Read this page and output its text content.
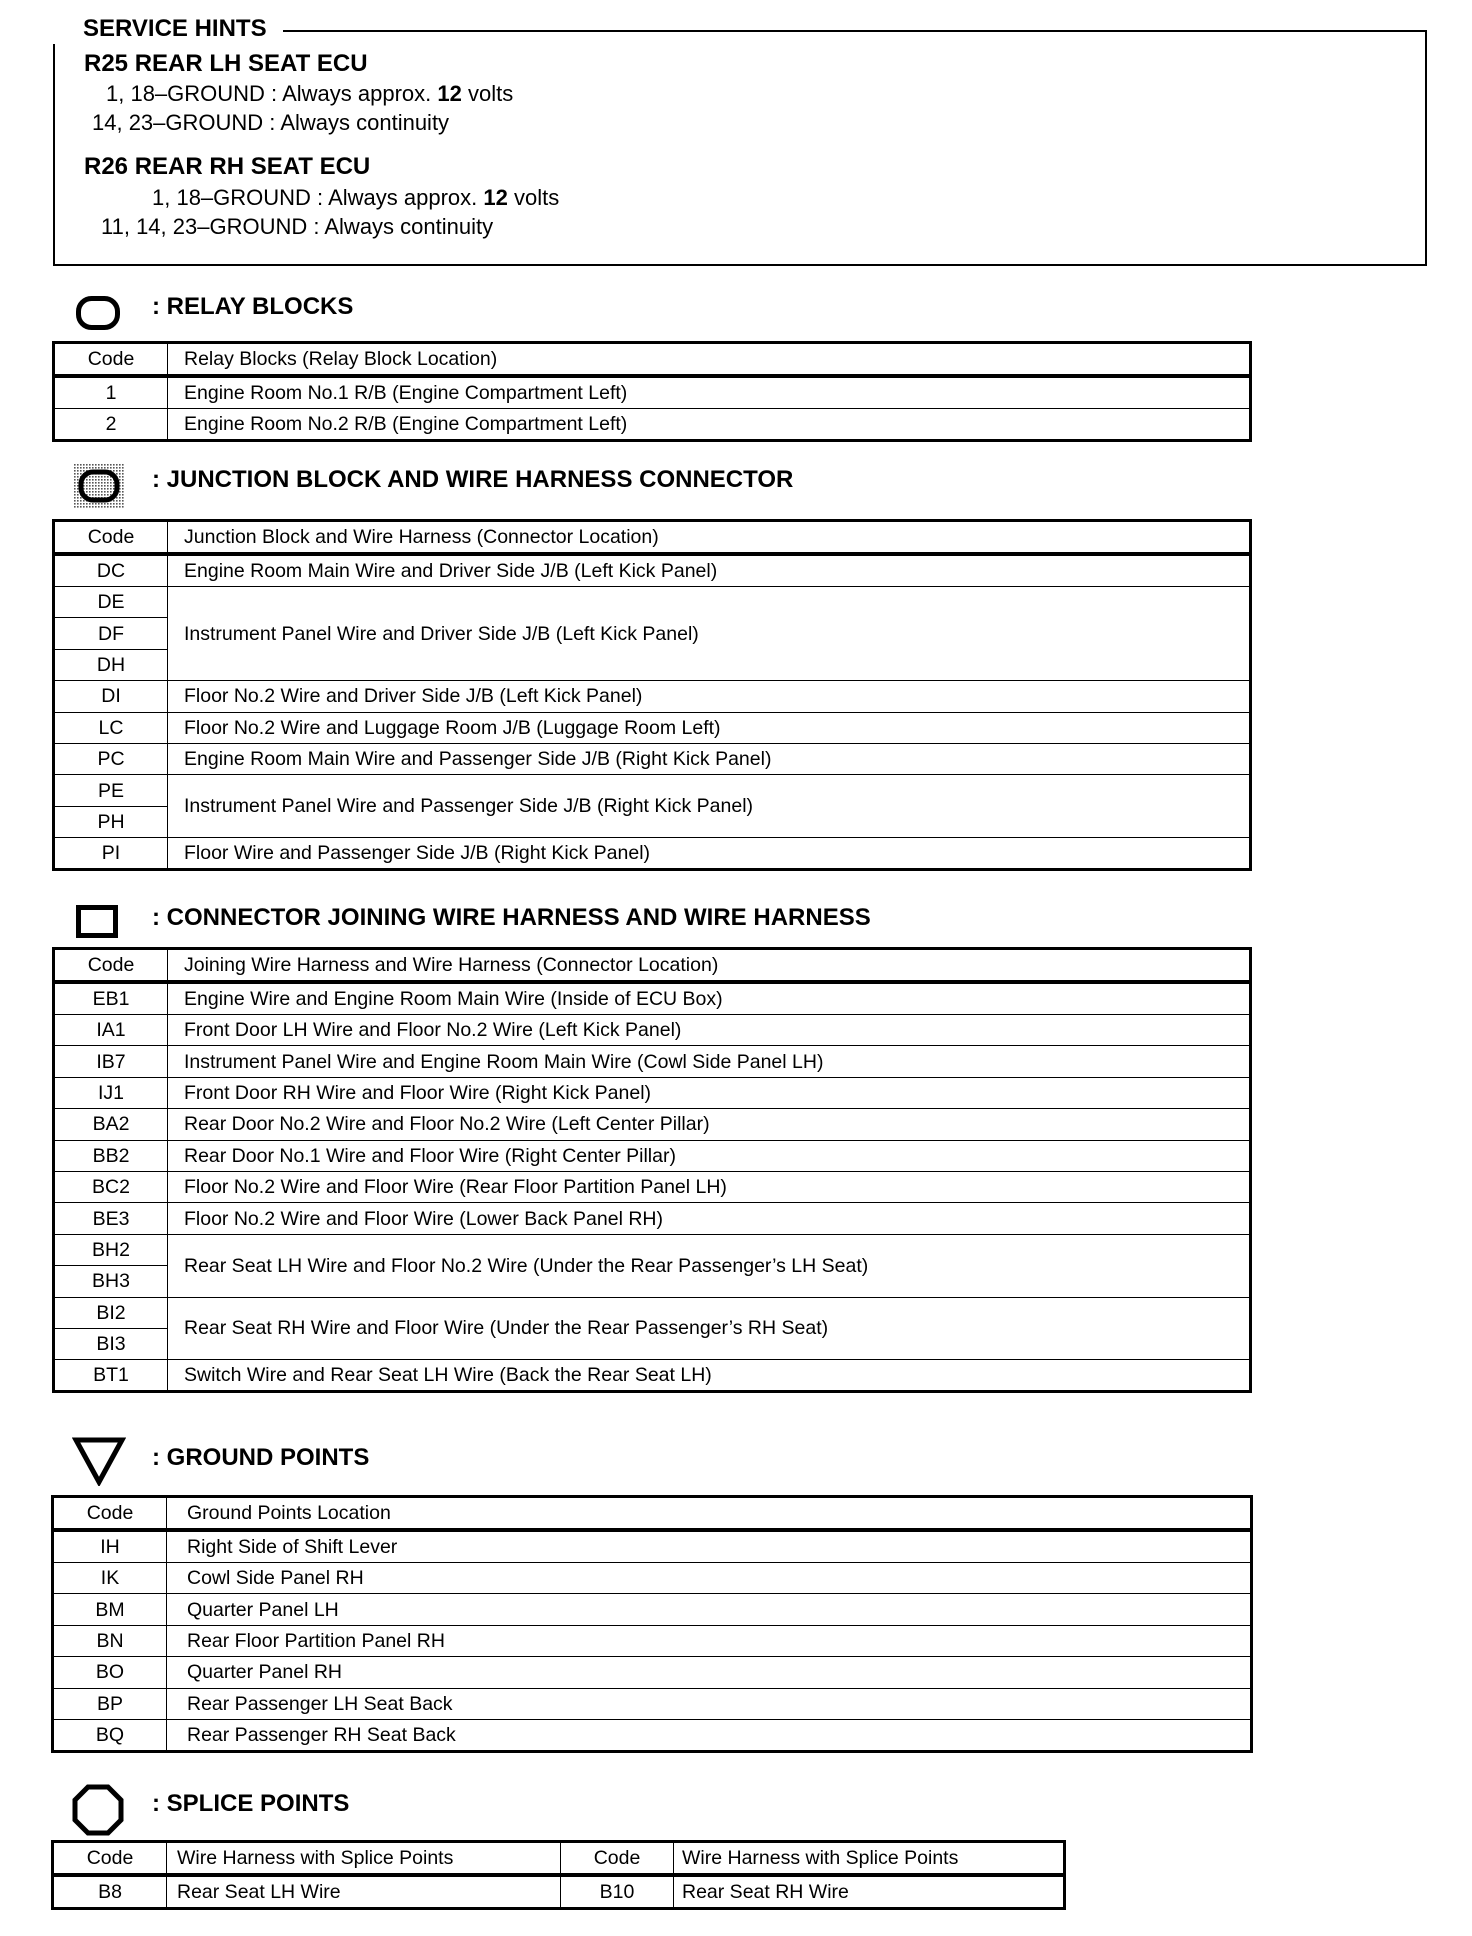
SERVICE HINTS
R25 REAR LH SEAT ECU
1, 18–GROUND : Always approx. 12 volts
14, 23–GROUND : Always continuity
R26 REAR RH SEAT ECU
1, 18–GROUND : Always approx. 12 volts
11, 14, 23–GROUND : Always continuity
: RELAY BLOCKS
Code	Relay Blocks (Relay Block Location)
1	Engine Room No.1 R/B (Engine Compartment Left)
2	Engine Room No.2 R/B (Engine Compartment Left)
: JUNCTION BLOCK AND WIRE HARNESS CONNECTOR
Code	Junction Block and Wire Harness (Connector Location)
DC	Engine Room Main Wire and Driver Side J/B (Left Kick Panel)
DE	Instrument Panel Wire and Driver Side J/B (Left Kick Panel)
DF	
DH	
DI	Floor No.2 Wire and Driver Side J/B (Left Kick Panel)
LC	Floor No.2 Wire and Luggage Room J/B (Luggage Room Left)
PC	Engine Room Main Wire and Passenger Side J/B (Right Kick Panel)
PE	Instrument Panel Wire and Passenger Side J/B (Right Kick Panel)
PH	
PI	Floor Wire and Passenger Side J/B (Right Kick Panel)
: CONNECTOR JOINING WIRE HARNESS AND WIRE HARNESS
Code	Joining Wire Harness and Wire Harness (Connector Location)
EB1	Engine Wire and Engine Room Main Wire (Inside of ECU Box)
IA1	Front Door LH Wire and Floor No.2 Wire (Left Kick Panel)
IB7	Instrument Panel Wire and Engine Room Main Wire (Cowl Side Panel LH)
IJ1	Front Door RH Wire and Floor Wire (Right Kick Panel)
BA2	Rear Door No.2 Wire and Floor No.2 Wire (Left Center Pillar)
BB2	Rear Door No.1 Wire and Floor Wire (Right Center Pillar)
BC2	Floor No.2 Wire and Floor Wire (Rear Floor Partition Panel LH)
BE3	Floor No.2 Wire and Floor Wire (Lower Back Panel RH)
BH2	Rear Seat LH Wire and Floor No.2 Wire (Under the Rear Passenger’s LH Seat)
BH3	
BI2	Rear Seat RH Wire and Floor Wire (Under the Rear Passenger’s RH Seat)
BI3	
BT1	Switch Wire and Rear Seat LH Wire (Back the Rear Seat LH)
: GROUND POINTS
Code	Ground Points Location
IH	Right Side of Shift Lever
IK	Cowl Side Panel RH
BM	Quarter Panel LH
BN	Rear Floor Partition Panel RH
BO	Quarter Panel RH
BP	Rear Passenger LH Seat Back
BQ	Rear Passenger RH Seat Back
: SPLICE POINTS
Code	Wire Harness with Splice Points	Code	Wire Harness with Splice Points
B8	Rear Seat LH Wire	B10	Rear Seat RH Wire
